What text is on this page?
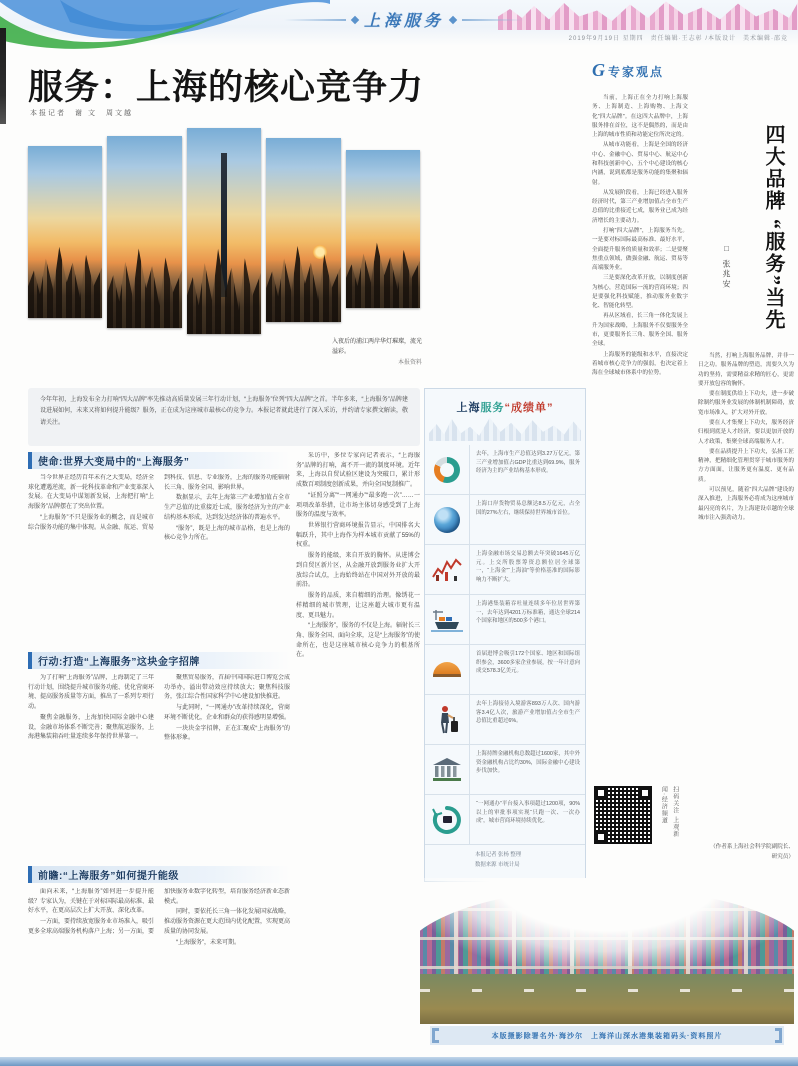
上海服务
2019年9月19日 星期四　责任编辑·王志彰 /本版设计　美术编辑·邵竞
服务：上海的核心竞争力
本报记者　谢 文　周文越
入夜后的浦江两岸华灯璀璨，流光溢彩。
本报资料
今年年初，上海发布全力打响“四大品牌”率先推动高质量发展三年行动计划，“上海服务”位列“四大品牌”之首。半年多来，“上海服务”品牌建设进展如何，未来又将如何提升能级？服务，正在成为这座城市最核心的竞争力。本报记者就此进行了深入采访，并约请专家撰文解读，敬请关注。
使命:世界大变局中的“上海服务”

当今世界正经历百年未有之大变局，经济全球化遭遇逆流，新一轮科技革命和产业变革深入发展。在大变局中谋划新发展，上海把打响“上海服务”品牌摆在了突出位置。

“上海服务”不只是服务业的概念，而是城市综合服务功能的集中体现。从金融、航运、贸易到科技、信息、专业服务，上海的服务功能辐射长三角、服务全国、影响世界。

数据显示，去年上海第三产业增加值占全市生产总值的比重接近七成，服务经济为主的产业结构基本形成，达到发达经济体的普遍水平。

“服务”，既是上海的城市品格，也是上海的核心竞争力所在。

行动:打造“上海服务”这块金字招牌

为了打响“上海服务”品牌，上海制定了三年行动计划，围绕提升城市服务功能、优化营商环境、提高服务质量等方面，推出了一系列专项行动。

聚焦金融服务，上海加快国际金融中心建设，金融市场体系不断完善；聚焦航运服务，上海港集装箱吞吐量连续多年保持世界第一。

聚焦贸易服务，首届中国国际进口博览会成功举办，溢出带动效应持续放大；聚焦科技服务，张江综合性国家科学中心建设加快推进。

与此同时，“一网通办”改革持续深化，营商环境不断优化，企业和群众的获得感明显增强。

一块块金字招牌，正在汇聚成“上海服务”的整体形象。

前瞻:“上海服务”如何提升能级

面向未来，“上海服务”如何进一步提升能级？专家认为，关键在于对标国际最高标准、最好水平，在更高层次上扩大开放、深化改革。

一方面，要持续放宽服务业市场准入，吸引更多全球高端服务机构落户上海；另一方面，要加快服务业数字化转型，培育服务经济新业态新模式。

同时，要依托长三角一体化发展国家战略，推动服务资源在更大范围内优化配置，实现更高质量的协同发展。

“上海服务”，未来可期。

采访中，多位专家向记者表示，“上海服务”品牌的打响，离不开一流的制度环境。近年来，上海以自贸试验区建设为突破口，累计形成数百项制度创新成果，并向全国复制推广。

“证照分离”“一网通办”“最多跑一次”……一项项改革举措，让市场主体切身感受到了上海服务的温度与效率。

世界银行营商环境报告显示，中国排名大幅跃升，其中上海作为样本城市贡献了55%的权重。

服务的能级，来自开放的胸怀。从进博会到自贸区新片区，从金融开放到服务业扩大开放综合试点，上海始终站在中国对外开放的最前沿。

服务的品质，来自精细的治理。像绣花一样精细的城市管理，让这座超大城市更有温度、更具魅力。

“上海服务”，服务的不仅是上海。辐射长三角、服务全国、面向全球，这是“上海服务”的使命所在，也是这座城市核心竞争力的根基所在。

上海服务“成绩单”
去年，上海市生产总值达到3.27万亿元，第三产业增加值占GDP比重达到69.9%，服务经济为主的产业结构基本形成。
上海口岸货物贸易总额达8.5万亿元，占全国的27%左右，继续保持世界城市首位。
上海金融市场交易总额去年突破1645万亿元。上交所股票筹资总额位居全球第一，“上海金”“上海油”等价格基准的国际影响力不断扩大。
上海港集装箱吞吐量连续多年位居世界第一，去年达到4201万标准箱，通达全球214个国家和地区的500多个港口。
首届进博会吸引172个国家、地区和国际组织参会，3600多家企业参展，按一年计意向成交578.3亿美元。
去年上海接待入境游客893万人次、国内游客3.4亿人次，旅游产业增加值占全市生产总值比重超过6%。
上海持牌金融机构总数超过1600家，其中外资金融机构占比约30%，国际金融中心建设步伐加快。
“一网通办”平台接入事项超过1200项，90%以上的审批事项实现“只跑一次、一次办成”，城市营商环境持续优化。
本报记者 张杨 整理
数据来源 市统计局
G 专家观点

当前，上海正在全力打响上海服务、上海制造、上海购物、上海文化“四大品牌”。在这四大品牌中，上海服务排在首位，这不是偶然的，而是由上海的城市性质和功能定位所决定的。

从城市功能看，上海是全国的经济中心、金融中心、贸易中心、航运中心和科技创新中心，五个中心建设的核心内涵，说到底都是服务功能的集聚和辐射。

从发展阶段看，上海已经进入服务经济时代，第三产业增加值占全市生产总值的比重接近七成，服务业已成为经济增长的主要动力。

打响“四大品牌”，上海服务当先。一是要对标国际最高标准、最好水平，全面提升服务的质量和效率；二是要聚焦重点领域，做强金融、航运、贸易等高端服务业。

三是要深化改革开放，以制度创新为核心，营造国际一流的营商环境；四是要强化科技赋能，推动服务业数字化、智能化转型。

再从区域看，长三角一体化发展上升为国家战略，上海服务不仅要服务全市，更要服务长三角、服务全国、服务全球。

上海服务的能级和水平，直接决定着城市核心竞争力的强弱，也决定着上海在全球城市体系中的位势。

四大品牌 “服务”当先
□ 张兆安

当然，打响上海服务品牌，并非一日之功。服务品牌的塑造，需要久久为功的坚持，需要精益求精的匠心，更需要开放包容的胸怀。

要在制度供给上下功夫，进一步破除制约服务业发展的体制机制障碍，放宽市场准入，扩大对外开放。

要在人才集聚上下功夫，服务经济归根到底是人才经济，要以更加开放的人才政策，集聚全球高端服务人才。

要在品质提升上下功夫，弘扬工匠精神，把精细化管理贯穿于城市服务的方方面面，让服务更有温度、更有品质。

可以预见，随着“四大品牌”建设的深入推进，上海服务必将成为这座城市最闪亮的名片，为上海建设卓越的全球城市注入强劲动力。

（作者系上海社会科学院副院长、研究员）
扫码关注 上观新闻·经济频道
本版摄影除署名外·海沙尔　上海洋山深水港集装箱码头·资料照片
